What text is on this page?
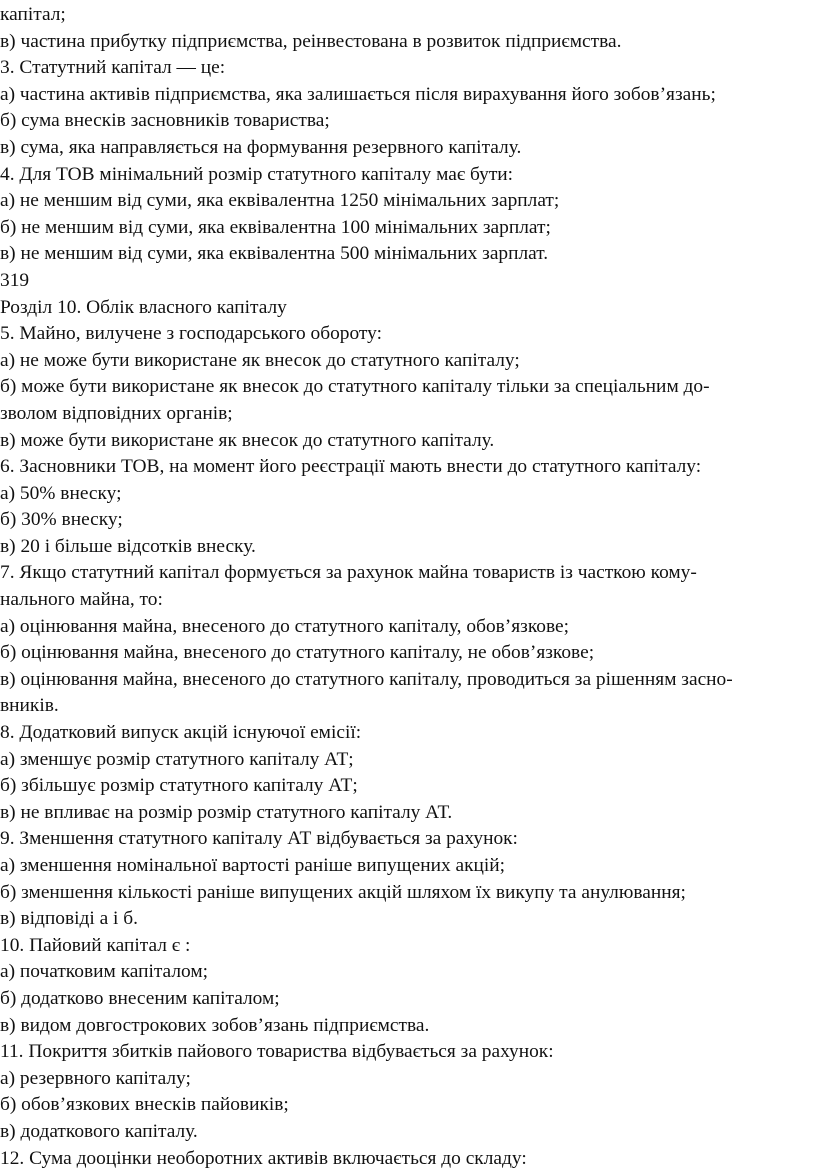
капітал;

в) частина прибутку підприємства, реінвестована в розвиток підприємства.

3. Статутний капітал — це:

а) частина активів підприємства, яка залишається після вирахування його зобов’язань;

б) сума внесків засновників товариства;

в) сума, яка направляється на формування резервного капіталу.

4. Для ТОВ мінімальний розмір статутного капіталу має бути:

а) не меншим від суми, яка еквівалентна 1250 мінімальних зарплат;

б) не меншим від суми, яка еквівалентна 100 мінімальних зарплат;

в) не меншим від суми, яка еквівалентна 500 мінімальних зарплат.

319

Розділ 10. Облік власного капіталу

5. Майно, вилучене з господарського обороту:

а) не може бути використане як внесок до статутного капіталу;

б) може бути використане як внесок до статутного капіталу тільки за спеціальним до-

зволом відповідних органів;

в) може бути використане як внесок до статутного капіталу.

6. Засновники ТОВ, на момент його реєстрації мають внести до статутного капіталу:

а) 50% внеску;

б) 30% внеску;

в) 20 і більше відсотків внеску.

7. Якщо статутний капітал формується за рахунок майна товариств із часткою кому-

нального майна, то:

а) оцінювання майна, внесеного до статутного капіталу, обов’язкове;

б) оцінювання майна, внесеного до статутного капіталу, не обов’язкове;

в) оцінювання майна, внесеного до статутного капіталу, проводиться за рішенням засно-

вників.

8. Додатковий випуск акцій існуючої емісії:

а) зменшує розмір статутного капіталу АТ;

б) збільшує розмір статутного капіталу АТ;

в) не впливає на розмір розмір статутного капіталу АТ.

9. Зменшення статутного капіталу АТ відбувається за рахунок:

а) зменшення номінальної вартості раніше випущених акцій;

б) зменшення кількості раніше випущених акцій шляхом їх викупу та анулювання;

в) відповіді а і б.

10. Пайовий капітал є :

а) початковим капіталом;

б) додатково внесеним капіталом;

в) видом довгострокових зобов’язань підприємства.

11. Покриття збитків пайового товариства відбувається за рахунок:

а) резервного капіталу;

б) обов’язкових внесків пайовиків;

в) додаткового капіталу.

12. Сума дооцінки необоротних активів включається до складу:
